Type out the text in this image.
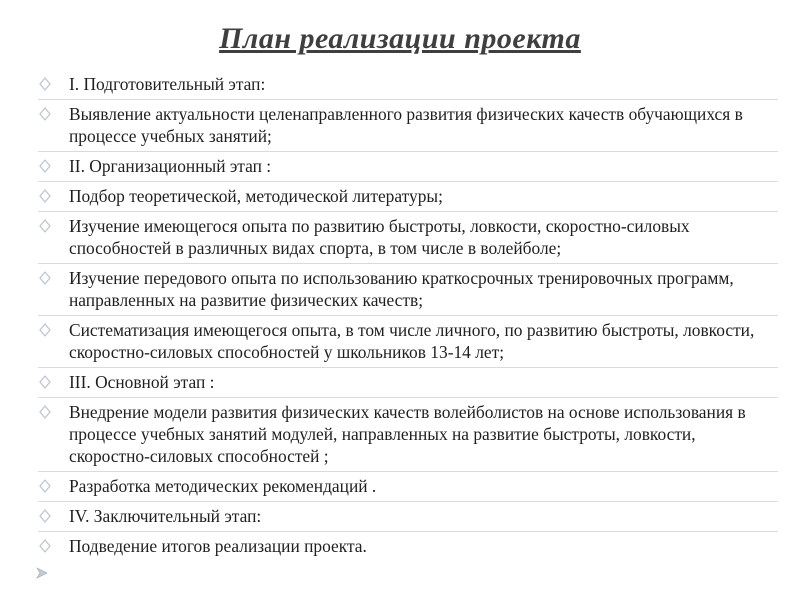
План реализации проекта
I. Подготовительный этап:
Выявление актуальности целенаправленного развития физических качеств обучающихся в процессе учебных занятий;
II. Организационный этап :
Подбор теоретической, методической литературы;
Изучение имеющегося опыта по развитию быстроты, ловкости, скоростно-силовых способностей в различных видах спорта, в том числе в волейболе;
Изучение передового опыта по использованию краткосрочных тренировочных программ, направленных на развитие физических качеств;
Систематизация имеющегося опыта, в том числе личного, по развитию быстроты, ловкости, скоростно-силовых способностей у школьников 13-14 лет;
III. Основной этап :
Внедрение модели развития физических качеств волейболистов на основе использования в процессе учебных занятий модулей, направленных на развитие быстроты, ловкости, скоростно-силовых способностей ;
Разработка методических рекомендаций .
IV. Заключительный этап:
Подведение итогов реализации проекта.
